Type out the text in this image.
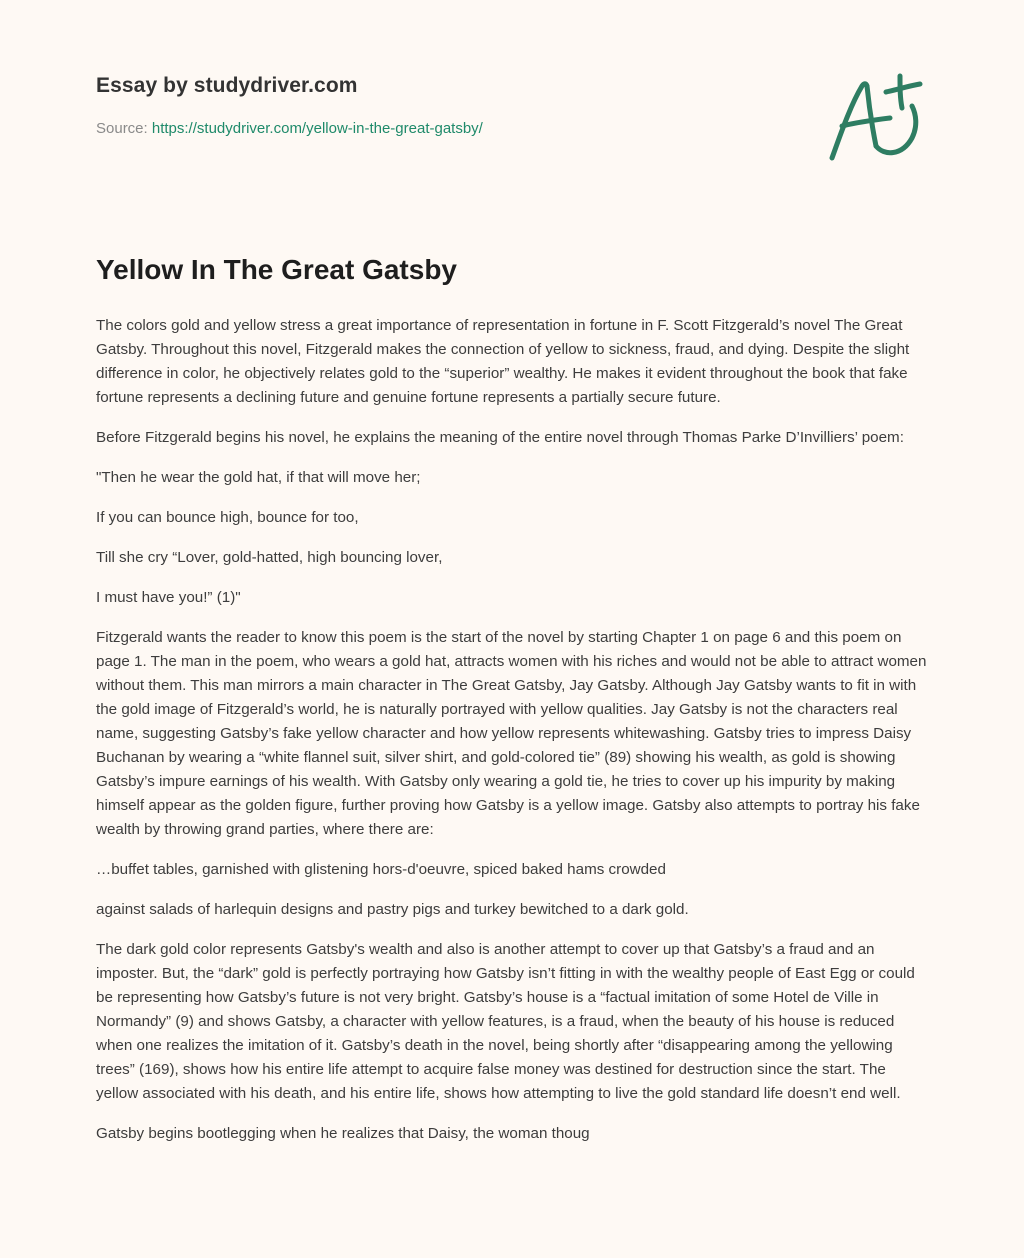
Essay by studydriver.com
Source: https://studydriver.com/yellow-in-the-great-gatsby/
Yellow In The Great Gatsby

The colors gold and yellow stress a great importance of representation in fortune in F. Scott Fitzgerald’s novel The Great Gatsby. Throughout this novel, Fitzgerald makes the connection of yellow to sickness, fraud, and dying. Despite the slight difference in color, he objectively relates gold to the “superior” wealthy. He makes it evident throughout the book that fake fortune represents a declining future and genuine fortune represents a partially secure future.

Before Fitzgerald begins his novel, he explains the meaning of the entire novel through Thomas Parke D’Invilliers’ poem:

"Then he wear the gold hat, if that will move her;

If you can bounce high, bounce for too,

Till she cry “Lover, gold-hatted, high bouncing lover,

I must have you!” (1)"

Fitzgerald wants the reader to know this poem is the start of the novel by starting Chapter 1 on page 6 and this poem on page 1. The man in the poem, who wears a gold hat, attracts women with his riches and would not be able to attract women without them. This man mirrors a main character in The Great Gatsby, Jay Gatsby. Although Jay Gatsby wants to fit in with the gold image of Fitzgerald’s world, he is naturally portrayed with yellow qualities. Jay Gatsby is not the characters real name, suggesting Gatsby’s fake yellow character and how yellow represents whitewashing. Gatsby tries to impress Daisy Buchanan by wearing a “white flannel suit, silver shirt, and gold-colored tie” (89) showing his wealth, as gold is showing Gatsby’s impure earnings of his wealth. With Gatsby only wearing a gold tie, he tries to cover up his impurity by making himself appear as the golden figure, further proving how Gatsby is a yellow image. Gatsby also attempts to portray his fake wealth by throwing grand parties, where there are:

…buffet tables, garnished with glistening hors-d'oeuvre, spiced baked hams crowded

against salads of harlequin designs and pastry pigs and turkey bewitched to a dark gold.

The dark gold color represents Gatsby's wealth and also is another attempt to cover up that Gatsby’s a fraud and an imposter. But, the “dark” gold is perfectly portraying how Gatsby isn’t fitting in with the wealthy people of East Egg or could be representing how Gatsby’s future is not very bright. Gatsby’s house is a “factual imitation of some Hotel de Ville in Normandy” (9) and shows Gatsby, a character with yellow features, is a fraud, when the beauty of his house is reduced when one realizes the imitation of it. Gatsby’s death in the novel, being shortly after “disappearing among the yellowing trees” (169), shows how his entire life attempt to acquire false money was destined for destruction since the start. The yellow associated with his death, and his entire life, shows how attempting to live the gold standard life doesn’t end well.

Gatsby begins bootlegging when he realizes that Daisy, the woman thoug
